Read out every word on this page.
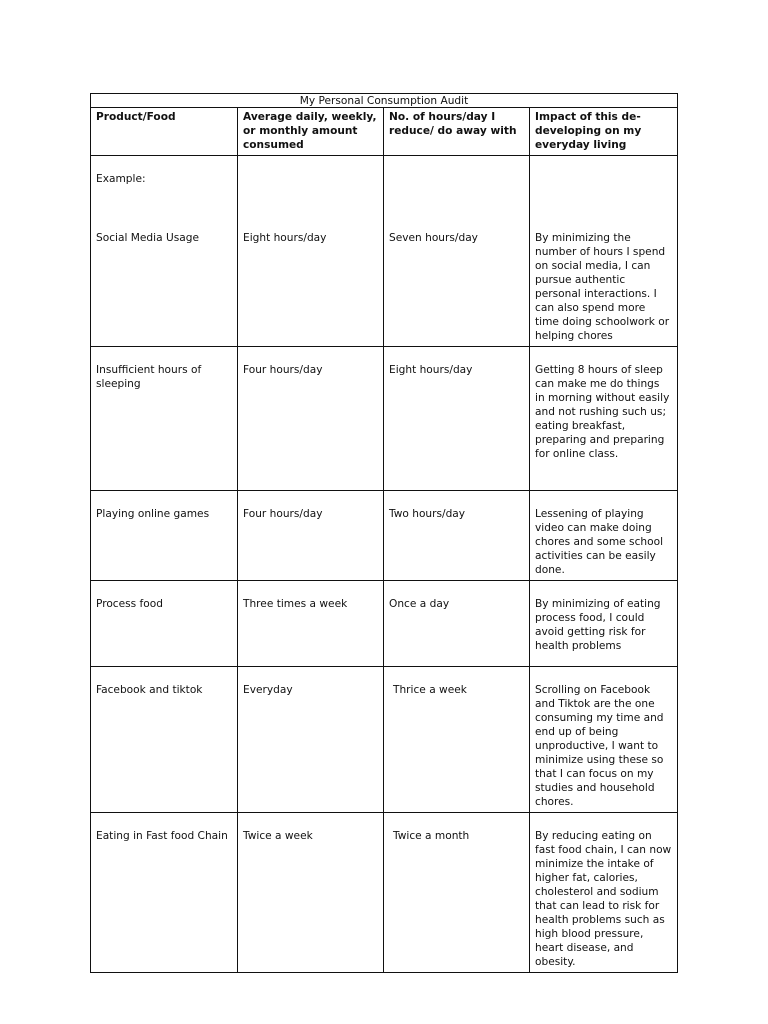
My Personal Consumption Audit			
Product/Food	Average daily, weekly, or monthly amount consumed	No. of hours/day I reduce/ do away with	Impact of this de-developing on my everyday living
Example:
Social Media Usage	Eight hours/day	Seven hours/day	By minimizing the number of hours I spend on social media, I can pursue authentic personal interactions. I can also spend more time doing schoolwork or helping chores
Insufficient hours of sleeping	Four hours/day	Eight hours/day	Getting 8 hours of sleep can make me do things in morning without easily and not rushing such us; eating breakfast, preparing and preparing for online class.
Playing online games	Four hours/day	Two hours/day	Lessening of playing video can make doing chores and some school activities can be easily done.
Process food	Three times a week	Once a day	By minimizing of eating process food, I could avoid getting risk for health problems
Facebook and tiktok	Everyday	Thrice a week	Scrolling on Facebook and Tiktok are the one consuming my time and end up of being unproductive, I want to minimize using these so that I can focus on my studies and household chores.
Eating in Fast food Chain	Twice a week	Twice a month	By reducing eating on fast food chain, I can now minimize the intake of higher fat, calories, cholesterol and sodium that can lead to risk for health problems such as high blood pressure, heart disease, and obesity.
